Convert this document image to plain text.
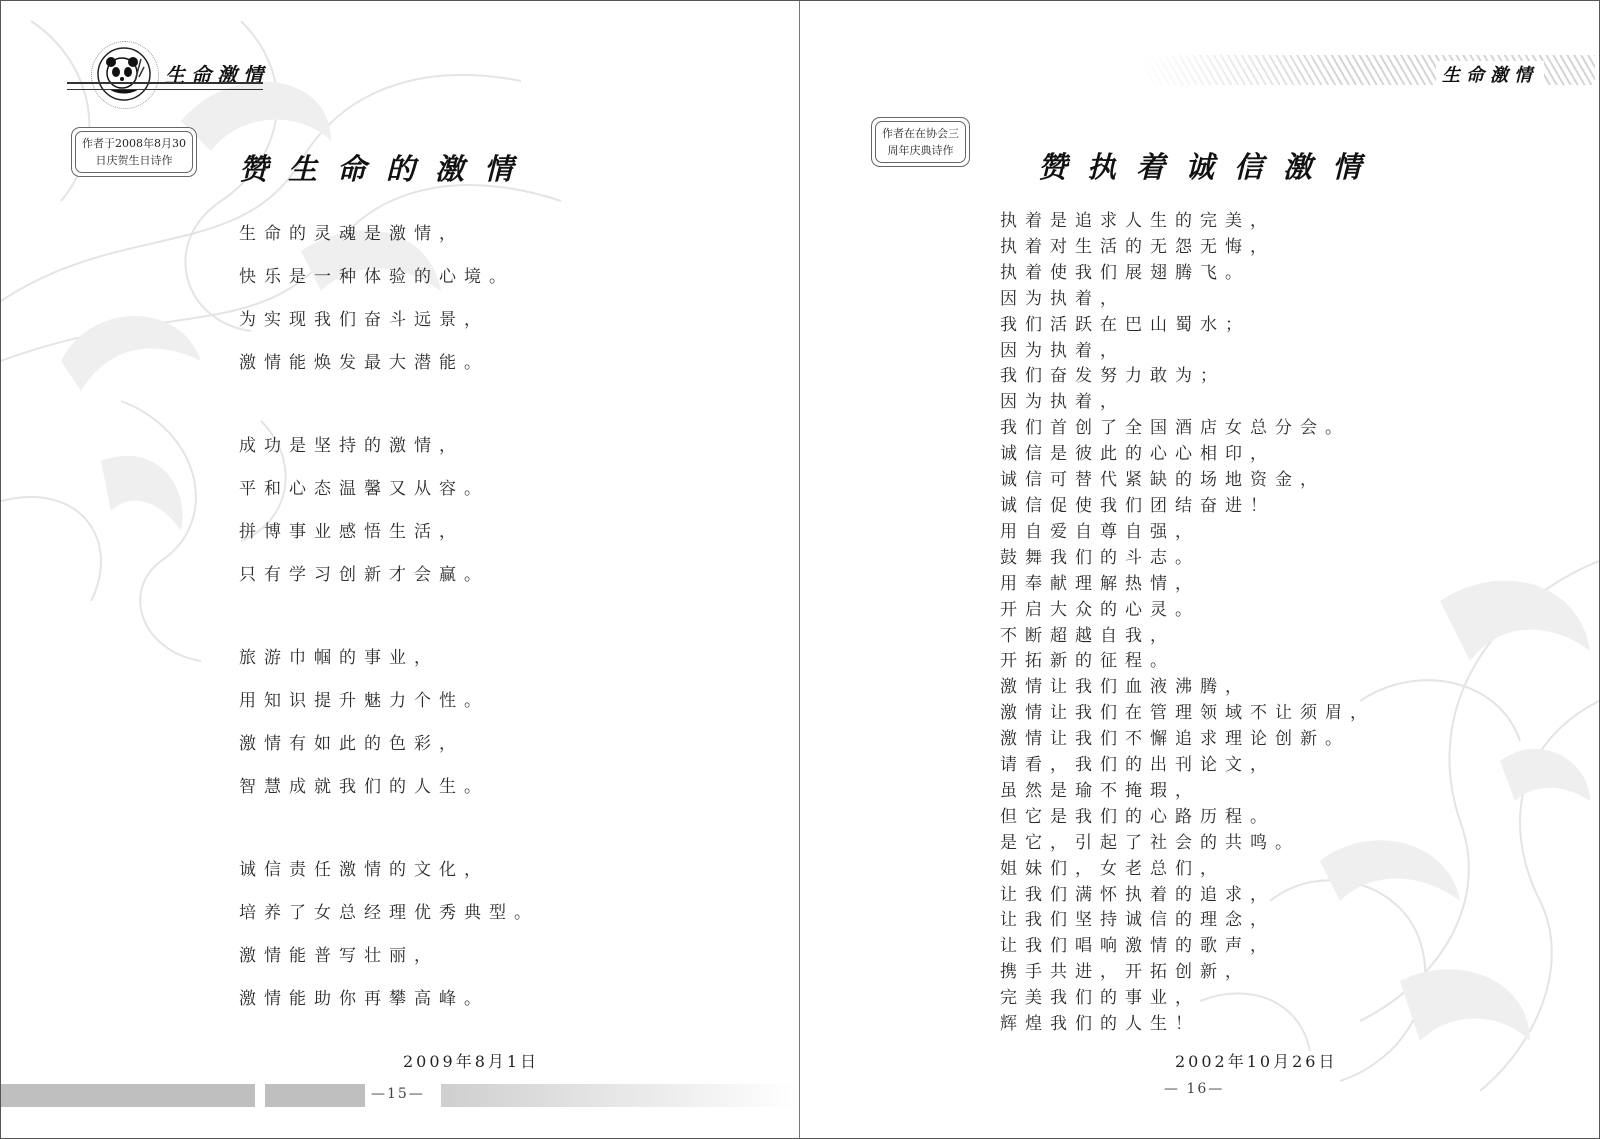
生命激情
作者于2008年8月30
日庆贺生日诗作	赞生命的激情
生命的灵魂是激情，
快乐是一种体验的心境。
为实现我们奋斗远景，
激情能焕发最大潜能。
成功是坚持的激情，
平和心态温馨又从容。
拼博事业感悟生活，
只有学习创新才会赢。
旅游巾帼的事业，
用知识提升魅力个性。
激情有如此的色彩，
智慧成就我们的人生。
诚信责任激情的文化，
培养了女总经理优秀典型。
激情能普写壮丽，
激情能助你再攀高峰。
2009年8月1日
—15—
生命激情
作者在在协会三
周年庆典诗作	赞执着诚信激情
执着是追求人生的完美，
执着对生活的无怨无悔，
执着使我们展翅腾飞。
因为执着，
我们活跃在巴山蜀水；
因为执着，
我们奋发努力敢为；
因为执着，
我们首创了全国酒店女总分会。
诚信是彼此的心心相印，
诚信可替代紧缺的场地资金，
诚信促使我们团结奋进！
用自爱自尊自强，
鼓舞我们的斗志。
用奉献理解热情，
开启大众的心灵。
不断超越自我，
开拓新的征程。
激情让我们血液沸腾，
激情让我们在管理领域不让须眉，
激情让我们不懈追求理论创新。
请看，我们的出刊论文，
虽然是瑜不掩瑕，
但它是我们的心路历程。
是它，引起了社会的共鸣。
姐妹们，女老总们，
让我们满怀执着的追求，
让我们坚持诚信的理念，
让我们唱响激情的歌声，
携手共进，开拓创新，
完美我们的事业，
辉煌我们的人生！
2002年10月26日
— 16—
